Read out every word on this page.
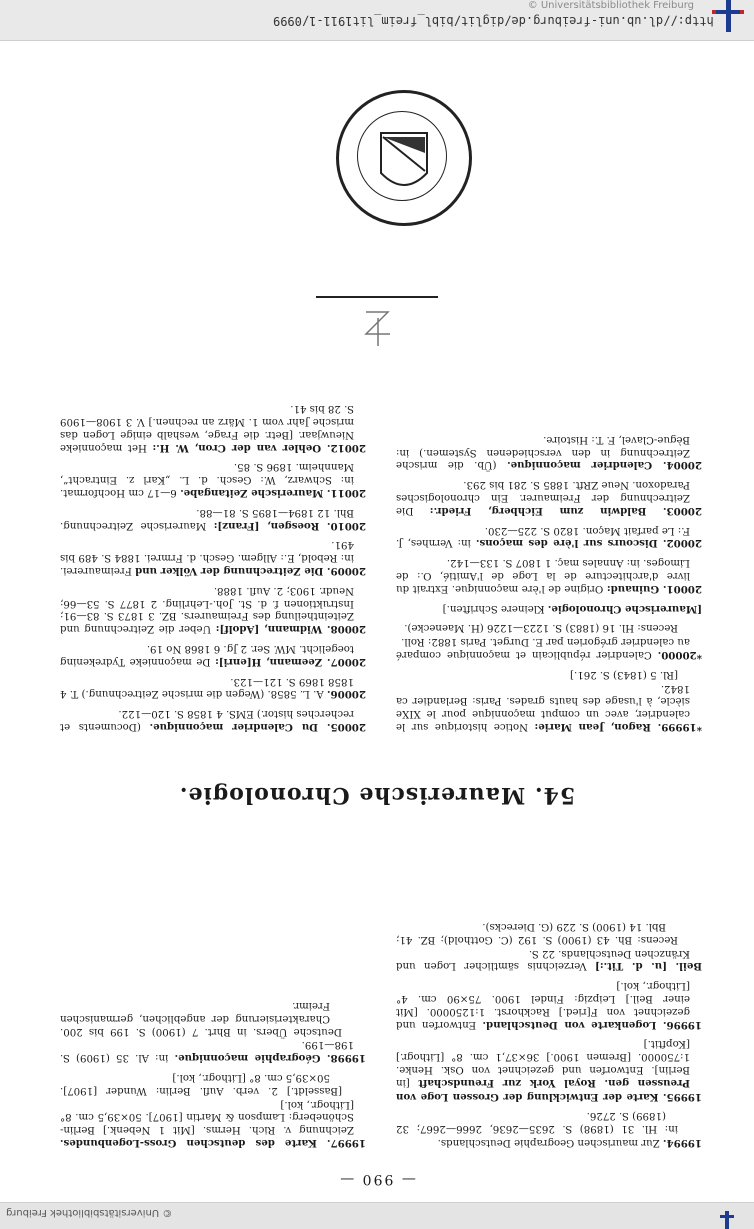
© Universitätsbibliothek Freiburg
http://dl.ub.uni-freiburg.de/diglit/bibl_freim_lit1911-1/0999
— 990 —
19994. Zur maurischen Geographie Deutschlands.
in: Hl. 31 (1898) S. 2635—2636, 2666—2667; 32 (1899) S. 2726.
19995. Karte der Entwicklung der Grossen Loge von Preussen gen. Royal York zur Freundschaft [in Berlin]. Entworfen und gezeichnet von Osk. Henke. 1:750000. [Bremen 1900.] 36×37,1 cm. 8° [Lithogr.] [Kopftit.]
19996. Logenkarte von Deutschland. Entworfen und gezeichnet von F[ried.] Rackhorst. 1:1250000. [Mit einer Beil.] Leipzig: Findel 1900. 75×90 cm. 4° [Lithogr., kol.]
Beil. [u. d. Tit.:] Verzeichnis sämtlicher Logen und Kränzchen Deutschlands. 22 S.
Recens: Bh. 43 (1900) S. 192 (C. Gotthold); BZ. 41; Bbl. 14 (1900) S. 229 (G. Dierecks).
19997. Karte des deutschen Gross-Logenbundes. Zeichnung v. Rich. Herms. [Mit 1 Nebenk.] Berlin-Schöneberg: Lampson & Martin [1907]. 50×39,5 cm. 8° [Lithogr., kol.]
[Basseldt.] 2. verb. Aufl. Berlin: Wunder [1907]. 50×39,5 cm. 8° [Lithogr., kol.]
19998. Géographie maçonnique. in: Al. 35 (1909) S. 198—199.
Deutsche Übers. in Bhrt. 7 (1900) S. 199 bis 200. Charakterisierung der angeblichen, germanischen Freimr.
54. Maurerische Chronologie.
*19999. Ragon, Jean Marie: Notice historique sur le calendrier, avec un comput maçonnique pour le XIXe siècle, à l'usage des hauts grades. Paris: Berlandier ca 1842.
[Rl. 5 (1843) S. 261.]
*20000. Calendrier républicain et maçonnique comparé au calendrier grégorien par E. Durget. Paris 1882: Roll.
Recens: Hl. 16 (1883) S. 1223—1226 (H. Maenecke).
[Maurerische Chronologie. Kleinere Schriften.]
20001. Guinaud: Origine de l'ère maçonnique. Extrait du livre d'architecture de la Loge de l'Amitié, O.: de Limoges. in: Annales maç. 1 1807 S. 133—142.
20002. Discours sur l'ère des maçons. in: Vernhes, J. F.: Le parfait Maçon. 1820 S. 225—230.
20003. Baldwin zum Eichberg, Friedr.: Die Zeitrechnung der Freimaurer. Ein chronologisches Paradoxon. Neue ZRft. 1885 S. 281 bis 293.
20004. Calendrier maçonnique. (Üb. die mrische Zeitrechnung in den verschiedenen Systemen.) in: Bègue-Clavel, F. T.: Histoire.
20005. Du Calendrier maçonnique. (Documents et recherches histor.) EMS. 4 1858 S. 120—122.
20006. A. L. 5858. (Wegen die mrische Zeitrechnung.) T. 4 1858 1869 S. 121—123.
20007. Zeemann, H[enri]: De maçonnieke Tydrekening toegelicht. MW. Ser. 2 Jg. 6 1868 No 19.
20008. Widmann, [Adolf]: Ueber die Zeitrechnung und Zeiteintheilung des Freimaurers. BZ. 3 1873 S. 83—91; Instruktionen f. d. St. Joh.-Lehrling. 2 1877 S. 53—66; Neudr. 1903; 2. Aufl. 1888.
20009. Die Zeitrechnung der Völker und Freimaurerei. in: Rebold, E.: Allgem. Gesch. d. Frmrei. 1884 S. 489 bis 491.
20010. Roesgen, [Franz]: Maurerische Zeitrechnung. Bhl. 12 1894—1895 S. 81—88.
20011. Maurerische Zeitangabe. 6—17 cm Hochformat. in: Schwarz, W.: Gesch. d. L. „Karl z. Eintracht“, Mannheim. 1896 S. 85.
20012. Oehler van der Cron, W. H.: Het maçonnieke Nieuwjaar. [Betr. die Frage, weshalb einige Logen das mrische Jahr vom 1. März an rechnen.] V. 3 1908—1909 S. 28 bis 41.
© Universitätsbibliothek Freiburg
